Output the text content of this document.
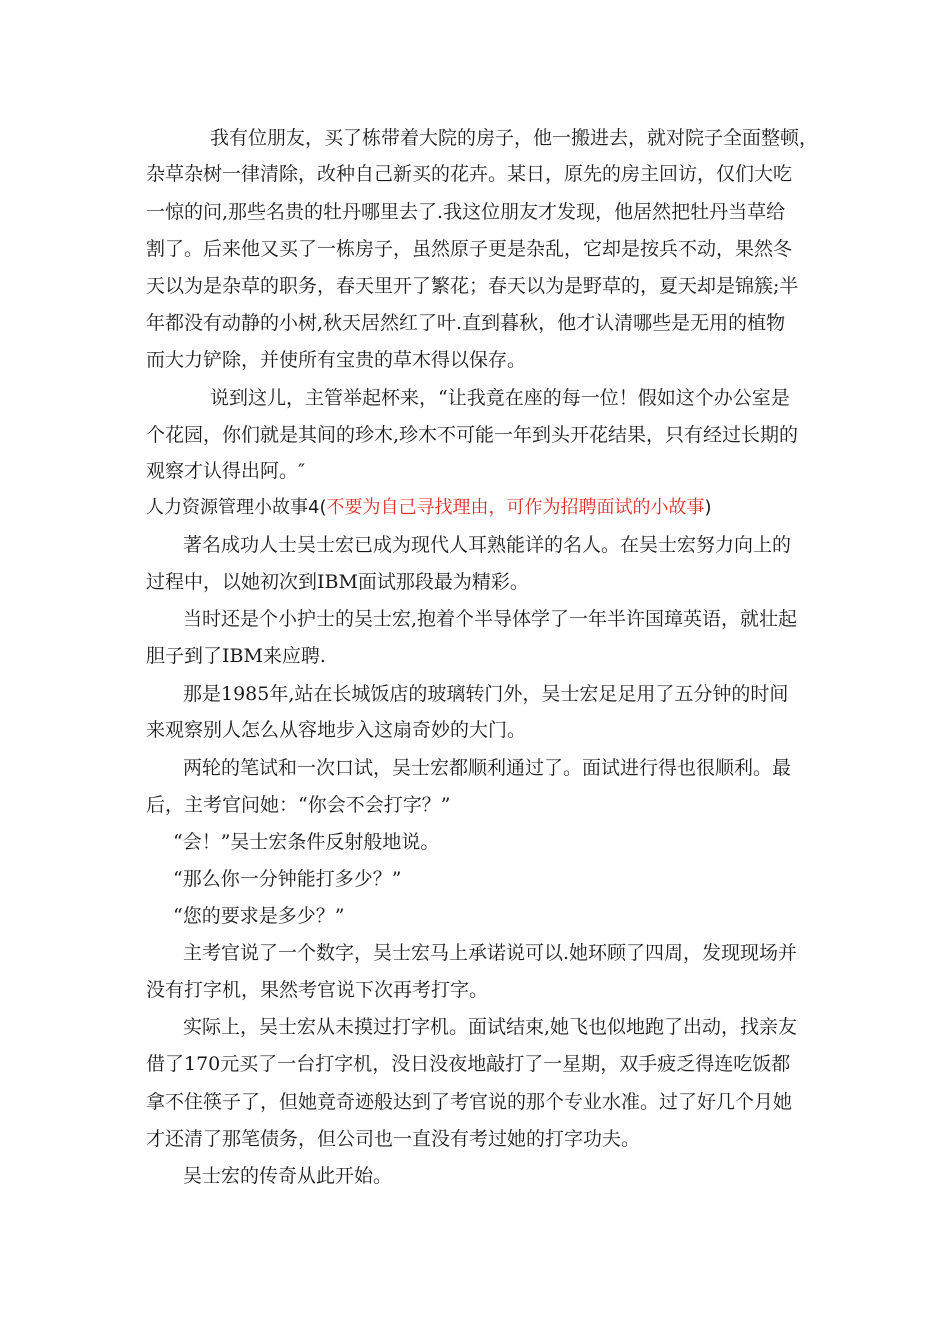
我有位朋友，买了栋带着大院的房子，他一搬进去，就对院子全面整顿，
杂草杂树一律清除，改种自己新买的花卉。某日，原先的房主回访，仅们大吃
一惊的问,那些名贵的牡丹哪里去了.我这位朋友才发现，他居然把牡丹当草给
割了。后来他又买了一栋房子，虽然原子更是杂乱，它却是按兵不动，果然冬
天以为是杂草的职务，春天里开了繁花；春天以为是野草的，夏天却是锦簇;半
年都没有动静的小树,秋天居然红了叶.直到暮秋，他才认清哪些是无用的植物
而大力铲除，并使所有宝贵的草木得以保存。
说到这儿，主管举起杯来，“让我竟在座的每一位！假如这个办公室是
个花园，你们就是其间的珍木,珍木不可能一年到头开花结果，只有经过长期的
观察才认得出阿。″
人力资源管理小故事4(不要为自己寻找理由，可作为招聘面试的小故事)
著名成功人士吴士宏已成为现代人耳熟能详的名人。在吴士宏努力向上的
过程中，以她初次到IBM面试那段最为精彩。
当时还是个小护士的吴士宏,抱着个半导体学了一年半许国璋英语，就壮起
胆子到了IBM来应聘.
那是1985年,站在长城饭店的玻璃转门外，吴士宏足足用了五分钟的时间
来观察别人怎么从容地步入这扇奇妙的大门。
两轮的笔试和一次口试，吴士宏都顺利通过了。面试进行得也很顺利。最
后，主考官问她：“你会不会打字？”
“会！”吴士宏条件反射般地说。
“那么你一分钟能打多少？”
“您的要求是多少？”
主考官说了一个数字，吴士宏马上承诺说可以.她环顾了四周，发现现场并
没有打字机，果然考官说下次再考打字。
实际上，吴士宏从未摸过打字机。面试结束,她飞也似地跑了出动，找亲友
借了170元买了一台打字机，没日没夜地敲打了一星期，双手疲乏得连吃饭都
拿不住筷子了，但她竟奇迹般达到了考官说的那个专业水准。过了好几个月她
才还清了那笔债务，但公司也一直没有考过她的打字功夫。
吴士宏的传奇从此开始。
